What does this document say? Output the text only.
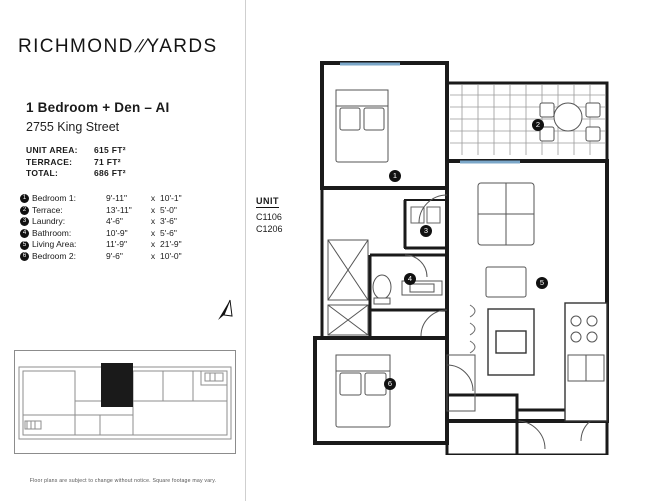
RICHMOND//YARDS
1 Bedroom + Den – AI
2755 King Street
UNIT AREA:	615 FT²
TERRACE:	71 FT²
TOTAL:	686 FT²
1 Bedroom 1:	9'-11"	x 10'-1"
2 Terrace:	13'-11"	x 5'-0"
3 Laundry:	4'-6"	x 3'-6"
4 Bathroom:	10'-9"	x 5'-6"
5 Living Area:	11'-9"	x 21'-9"
6 Bedroom 2:	9'-6"	x 10'-0"
Floor plans are subject to change without notice. Square footage may vary.
UNIT
C1106
C1206
1
2
3
4	5
6
